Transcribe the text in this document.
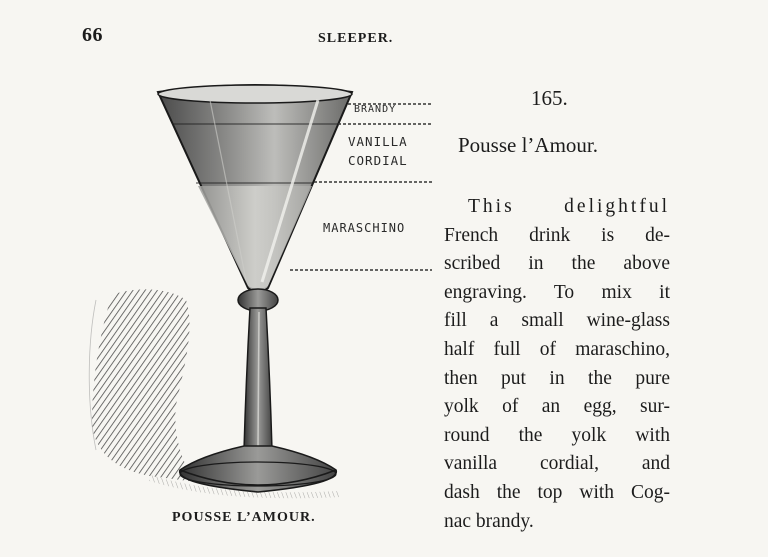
66	SLEEPER.
BRANDY
VANILLA
CORDIAL
MARASCHINO
POUSSE L’AMOUR.
165.
Pousse l’Amour.
This delightful
French drink is de-
scribed in the above
engraving. To mix it
fill a small wine-glass
half full of maraschino,
then put in the pure
yolk of an egg, sur-
round the yolk with
vanilla cordial, and
dash the top with Cog-
nac brandy.
